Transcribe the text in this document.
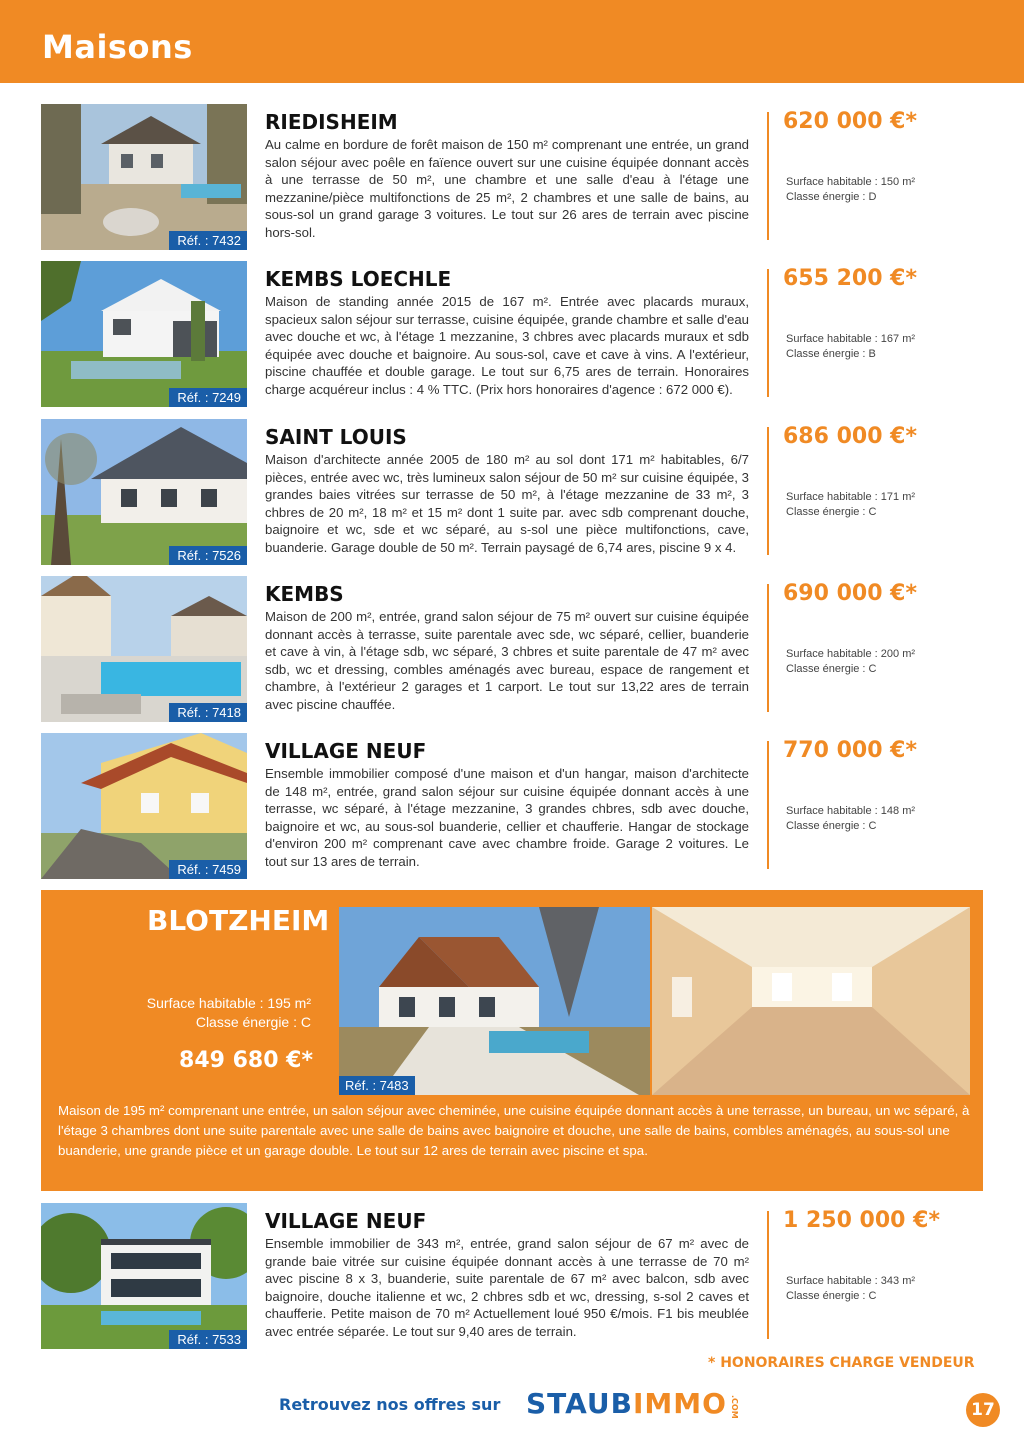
Maisons
Réf. : 7432
RIEDISHEIM
Au calme en bordure de forêt maison de 150 m² comprenant une entrée, un grand salon séjour avec poêle en faïence ouvert sur une cuisine équipée donnant accès à une terrasse de 50 m², une chambre et une salle d'eau à l'étage une mezzanine/pièce multifonctions de 25 m², 2 chambres et une salle de bains, au sous-sol un grand garage 3 voitures. Le tout sur 26 ares de terrain avec piscine hors-sol.
620 000 €*
Surface habitable : 150 m²
Classe énergie : D
Réf. : 7249
KEMBS LOECHLE
Maison de standing année 2015 de 167 m². Entrée avec placards muraux, spacieux salon séjour sur terrasse, cuisine équipée, grande chambre et salle d'eau avec douche et wc, à l'étage 1 mezzanine, 3 chbres avec placards muraux et sdb équipée avec douche et baignoire. Au sous-sol, cave et cave à vins. A l'extérieur, piscine chauffée et double garage. Le tout sur 6,75 ares de terrain. Honoraires charge acquéreur inclus : 4 % TTC. (Prix hors honoraires d'agence : 672 000 €).
655 200 €*
Surface habitable : 167 m²
Classe énergie : B
Réf. : 7526
SAINT LOUIS
Maison d'architecte année 2005 de 180 m² au sol dont 171 m² habitables, 6/7 pièces, entrée avec wc, très lumineux salon séjour de 50 m² sur cuisine équipée, 3 grandes baies vitrées sur terrasse de 50 m², à l'étage mezzanine de 33 m², 3 chbres de 20 m², 18 m² et 15 m² dont 1 suite par. avec sdb comprenant douche, baignoire et wc, sde et wc séparé, au s-sol une pièce multifonctions, cave, buanderie. Garage double de 50 m². Terrain paysagé de 6,74 ares, piscine 9 x 4.
686 000 €*
Surface habitable : 171 m²
Classe énergie : C
Réf. : 7418
KEMBS
Maison de 200 m², entrée, grand salon séjour de 75 m² ouvert sur cuisine équipée donnant accès à terrasse, suite parentale avec sde, wc séparé, cellier, buanderie et cave à vin, à l'étage sdb, wc séparé, 3 chbres et suite parentale de 47 m² avec sdb, wc et dressing, combles aménagés avec bureau, espace de rangement et chambre, à l'extérieur 2 garages et 1 carport. Le tout sur 13,22 ares de terrain avec piscine chauffée.
690 000 €*
Surface habitable : 200 m²
Classe énergie : C
Réf. : 7459
VILLAGE NEUF
Ensemble immobilier composé d'une maison et d'un hangar, maison d'architecte de 148 m², entrée, grand salon séjour sur cuisine équipée donnant accès à une terrasse, wc séparé, à l'étage mezzanine, 3 grandes chbres, sdb avec douche, baignoire et wc, au sous-sol buanderie, cellier et chaufferie. Hangar de stockage d'environ 200 m² comprenant cave avec chambre froide. Garage 2 voitures. Le tout sur 13 ares de terrain.
770 000 €*
Surface habitable : 148 m²
Classe énergie : C
BLOTZHEIM
Surface habitable : 195 m²
Classe énergie : C
849 680 €*
Réf. : 7483
Maison de 195 m² comprenant une entrée, un salon séjour avec cheminée, une cuisine équipée donnant accès à une terrasse, un bureau, un wc séparé, à l'étage 3 chambres dont une suite parentale avec une salle de bains avec baignoire et douche, une salle de bains, combles aménagés, au sous-sol une buanderie, une grande pièce et un garage double. Le tout sur 12 ares de terrain avec piscine et spa.
Réf. : 7533
VILLAGE NEUF
Ensemble immobilier de 343 m², entrée, grand salon séjour de 67 m² avec de grande baie vitrée sur cuisine équipée donnant accès à une terrasse de 70 m² avec piscine 8 x 3, buanderie, suite parentale de 67 m² avec balcon, sdb avec baignoire, douche italienne et wc, 2 chbres sdb et wc, dressing, s-sol 2 caves et chaufferie. Petite maison de 70 m² Actuellement loué 950 €/mois. F1 bis meublée avec entrée séparée. Le tout sur 9,40 ares de terrain.
1 250 000 €*
Surface habitable : 343 m²
Classe énergie : C
* HONORAIRES CHARGE VENDEUR
Retrouvez nos offres sur STAUBIMMO .COM	17
